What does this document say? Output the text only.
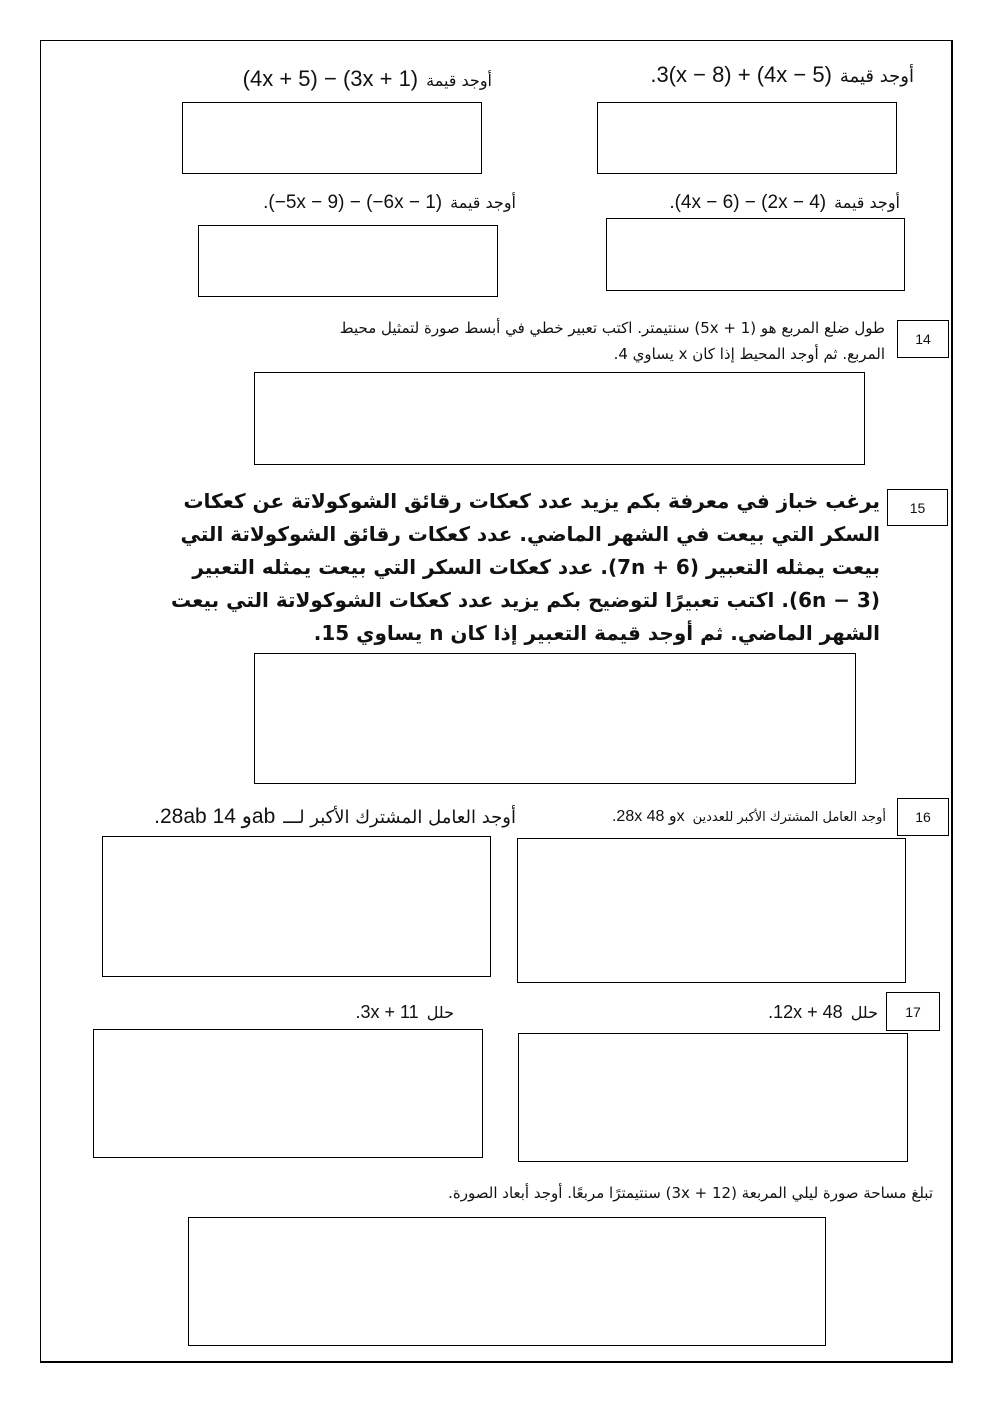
(4x + 5) − (3x + 1) أوجد قيمة	.3(x − 8) + (4x − 5) أوجد قيمة
.(−5x − 9) − (−6x − 1) أوجد قيمة	.(4x − 6) − (2x − 4) أوجد قيمة
14
طول ضلع المربع هو (5x + 1) سنتيمتر. اكتب تعبير خطي في أبسط صورة لتمثيل محيط المربع. ثم أوجد المحيط إذا كان x يساوي 4.
15
يرغب خباز في معرفة بكم يزيد عدد كعكات رقائق الشوكولاتة عن كعكات السكر التي بيعت في الشهر الماضي. عدد كعكات رقائق الشوكولاتة التي بيعت يمثله التعبير (7n + 6). عدد كعكات السكر التي بيعت يمثله التعبير (6n − 3). اكتب تعبيرًا لتوضيح بكم يزيد عدد كعكات الشوكولاتة التي بيعت الشهر الماضي. ثم أوجد قيمة التعبير إذا كان n يساوي 15.
16
.28x و 48x أوجد العامل المشترك الأكبر للعددين
.28ab و 14ab أوجد العامل المشترك الأكبر لـــ
17
.12x + 48 حلل
.3x + 11 حلل
تبلغ مساحة صورة ليلي المربعة (3x + 12) سنتيمترًا مربعًا. أوجد أبعاد الصورة.
